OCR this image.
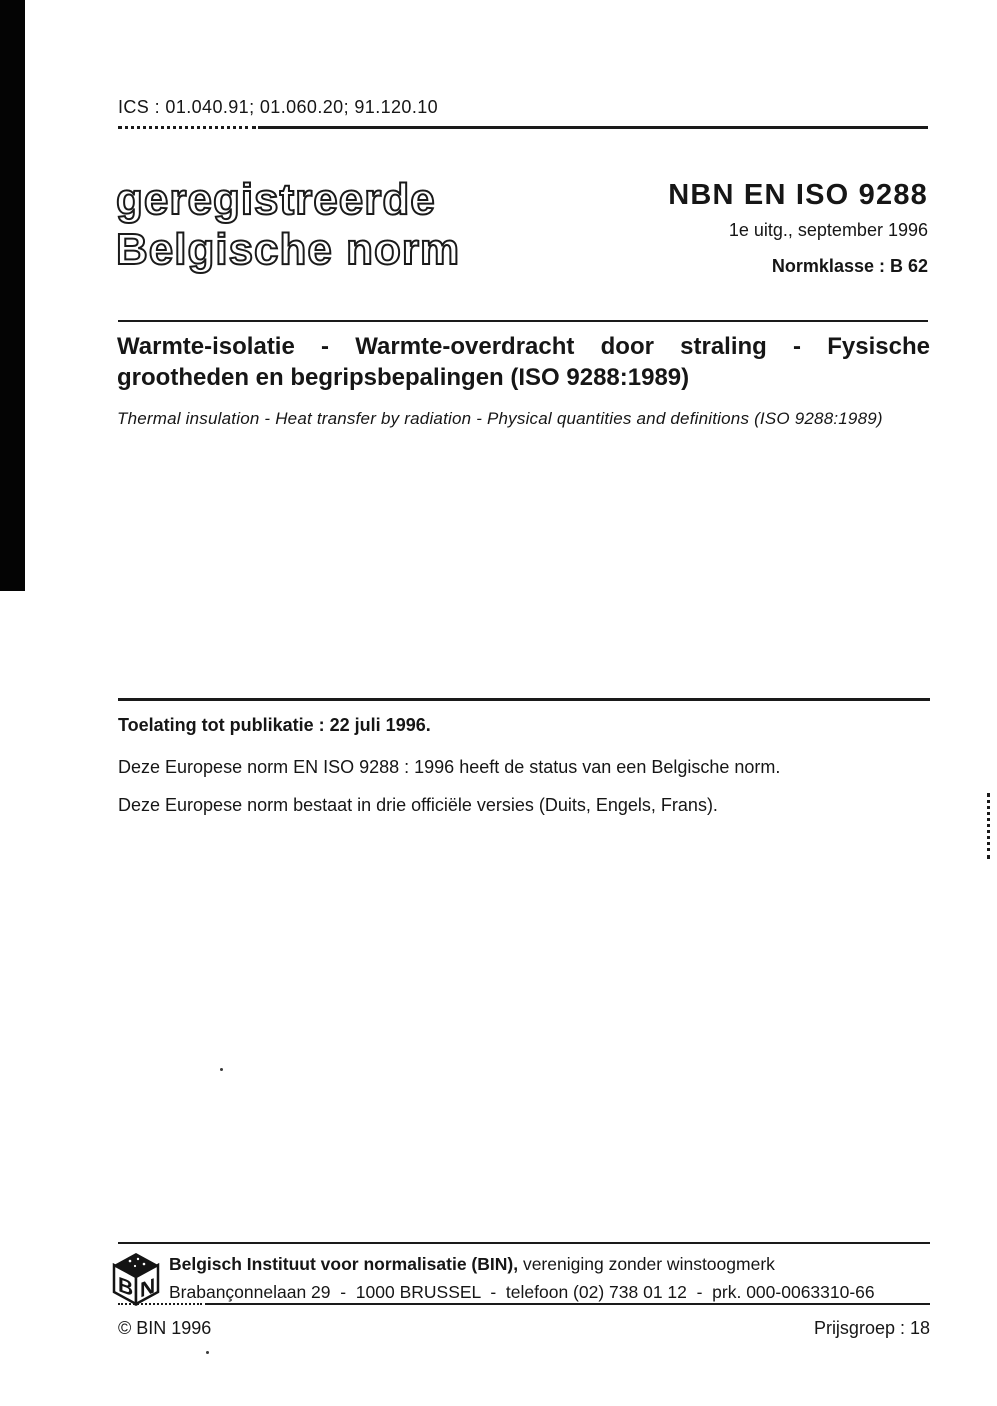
ICS : 01.040.91; 01.060.20; 91.120.10
geregistreerde
Belgische norm
NBN EN ISO 9288
1e uitg., september 1996
Normklasse : B 62
Warmte-isolatie - Warmte-overdracht door straling - Fysische
grootheden en begripsbepalingen (ISO 9288:1989)
Thermal insulation - Heat transfer by radiation - Physical quantities and definitions (ISO 9288:1989)
Toelating tot publikatie : 22 juli 1996.
Deze Europese norm EN ISO 9288 : 1996 heeft de status van een Belgische norm.
Deze Europese norm bestaat in drie officiële versies (Duits, Engels, Frans).
B N
Belgisch Instituut voor normalisatie (BIN), vereniging zonder winstoogmerk
Brabançonnelaan 29  -  1000 BRUSSEL  -  telefoon (02) 738 01 12  -  prk. 000-0063310-66
© BIN 1996	Prijsgroep : 18
